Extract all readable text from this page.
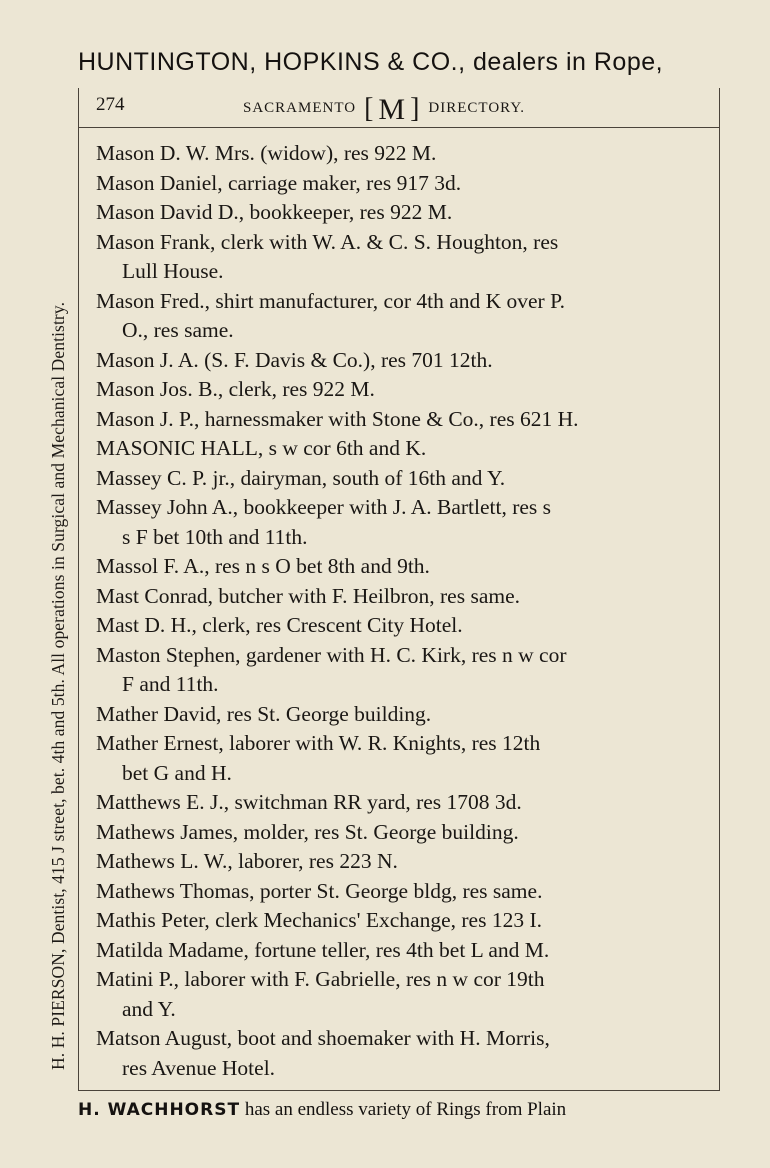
HUNTINGTON, HOPKINS & CO., dealers in Rope,
H. H. PIERSON, Dentist, 415 J street, bet. 4th and 5th. All operations in Surgical and Mechanical Dentistry.
274	SACRAMENTO [ M ] DIRECTORY.
Mason D. W. Mrs. (widow), res 922 M.
Mason Daniel, carriage maker, res 917 3d.
Mason David D., bookkeeper, res 922 M.
Mason Frank, clerk with W. A. & C. S. Houghton, res
Lull House.
Mason Fred., shirt manufacturer, cor 4th and K over P.
O., res same.
Mason J. A. (S. F. Davis & Co.), res 701 12th.
Mason Jos. B., clerk, res 922 M.
Mason J. P., harnessmaker with Stone & Co., res 621 H.
MASONIC HALL, s w cor 6th and K.
Massey C. P. jr., dairyman, south of 16th and Y.
Massey John A., bookkeeper with J. A. Bartlett, res s
s F bet 10th and 11th.
Massol F. A., res n s O bet 8th and 9th.
Mast Conrad, butcher with F. Heilbron, res same.
Mast D. H., clerk, res Crescent City Hotel.
Maston Stephen, gardener with H. C. Kirk, res n w cor
F and 11th.
Mather David, res St. George building.
Mather Ernest, laborer with W. R. Knights, res 12th
bet G and H.
Matthews E. J., switchman RR yard, res 1708 3d.
Mathews James, molder, res St. George building.
Mathews L. W., laborer, res 223 N.
Mathews Thomas, porter St. George bldg, res same.
Mathis Peter, clerk Mechanics' Exchange, res 123 I.
Matilda Madame, fortune teller, res 4th bet L and M.
Matini P., laborer with F. Gabrielle, res n w cor 19th
and Y.
Matson August, boot and shoemaker with H. Morris,
res Avenue Hotel.
H. WACHHORST has an endless variety of Rings from Plain
